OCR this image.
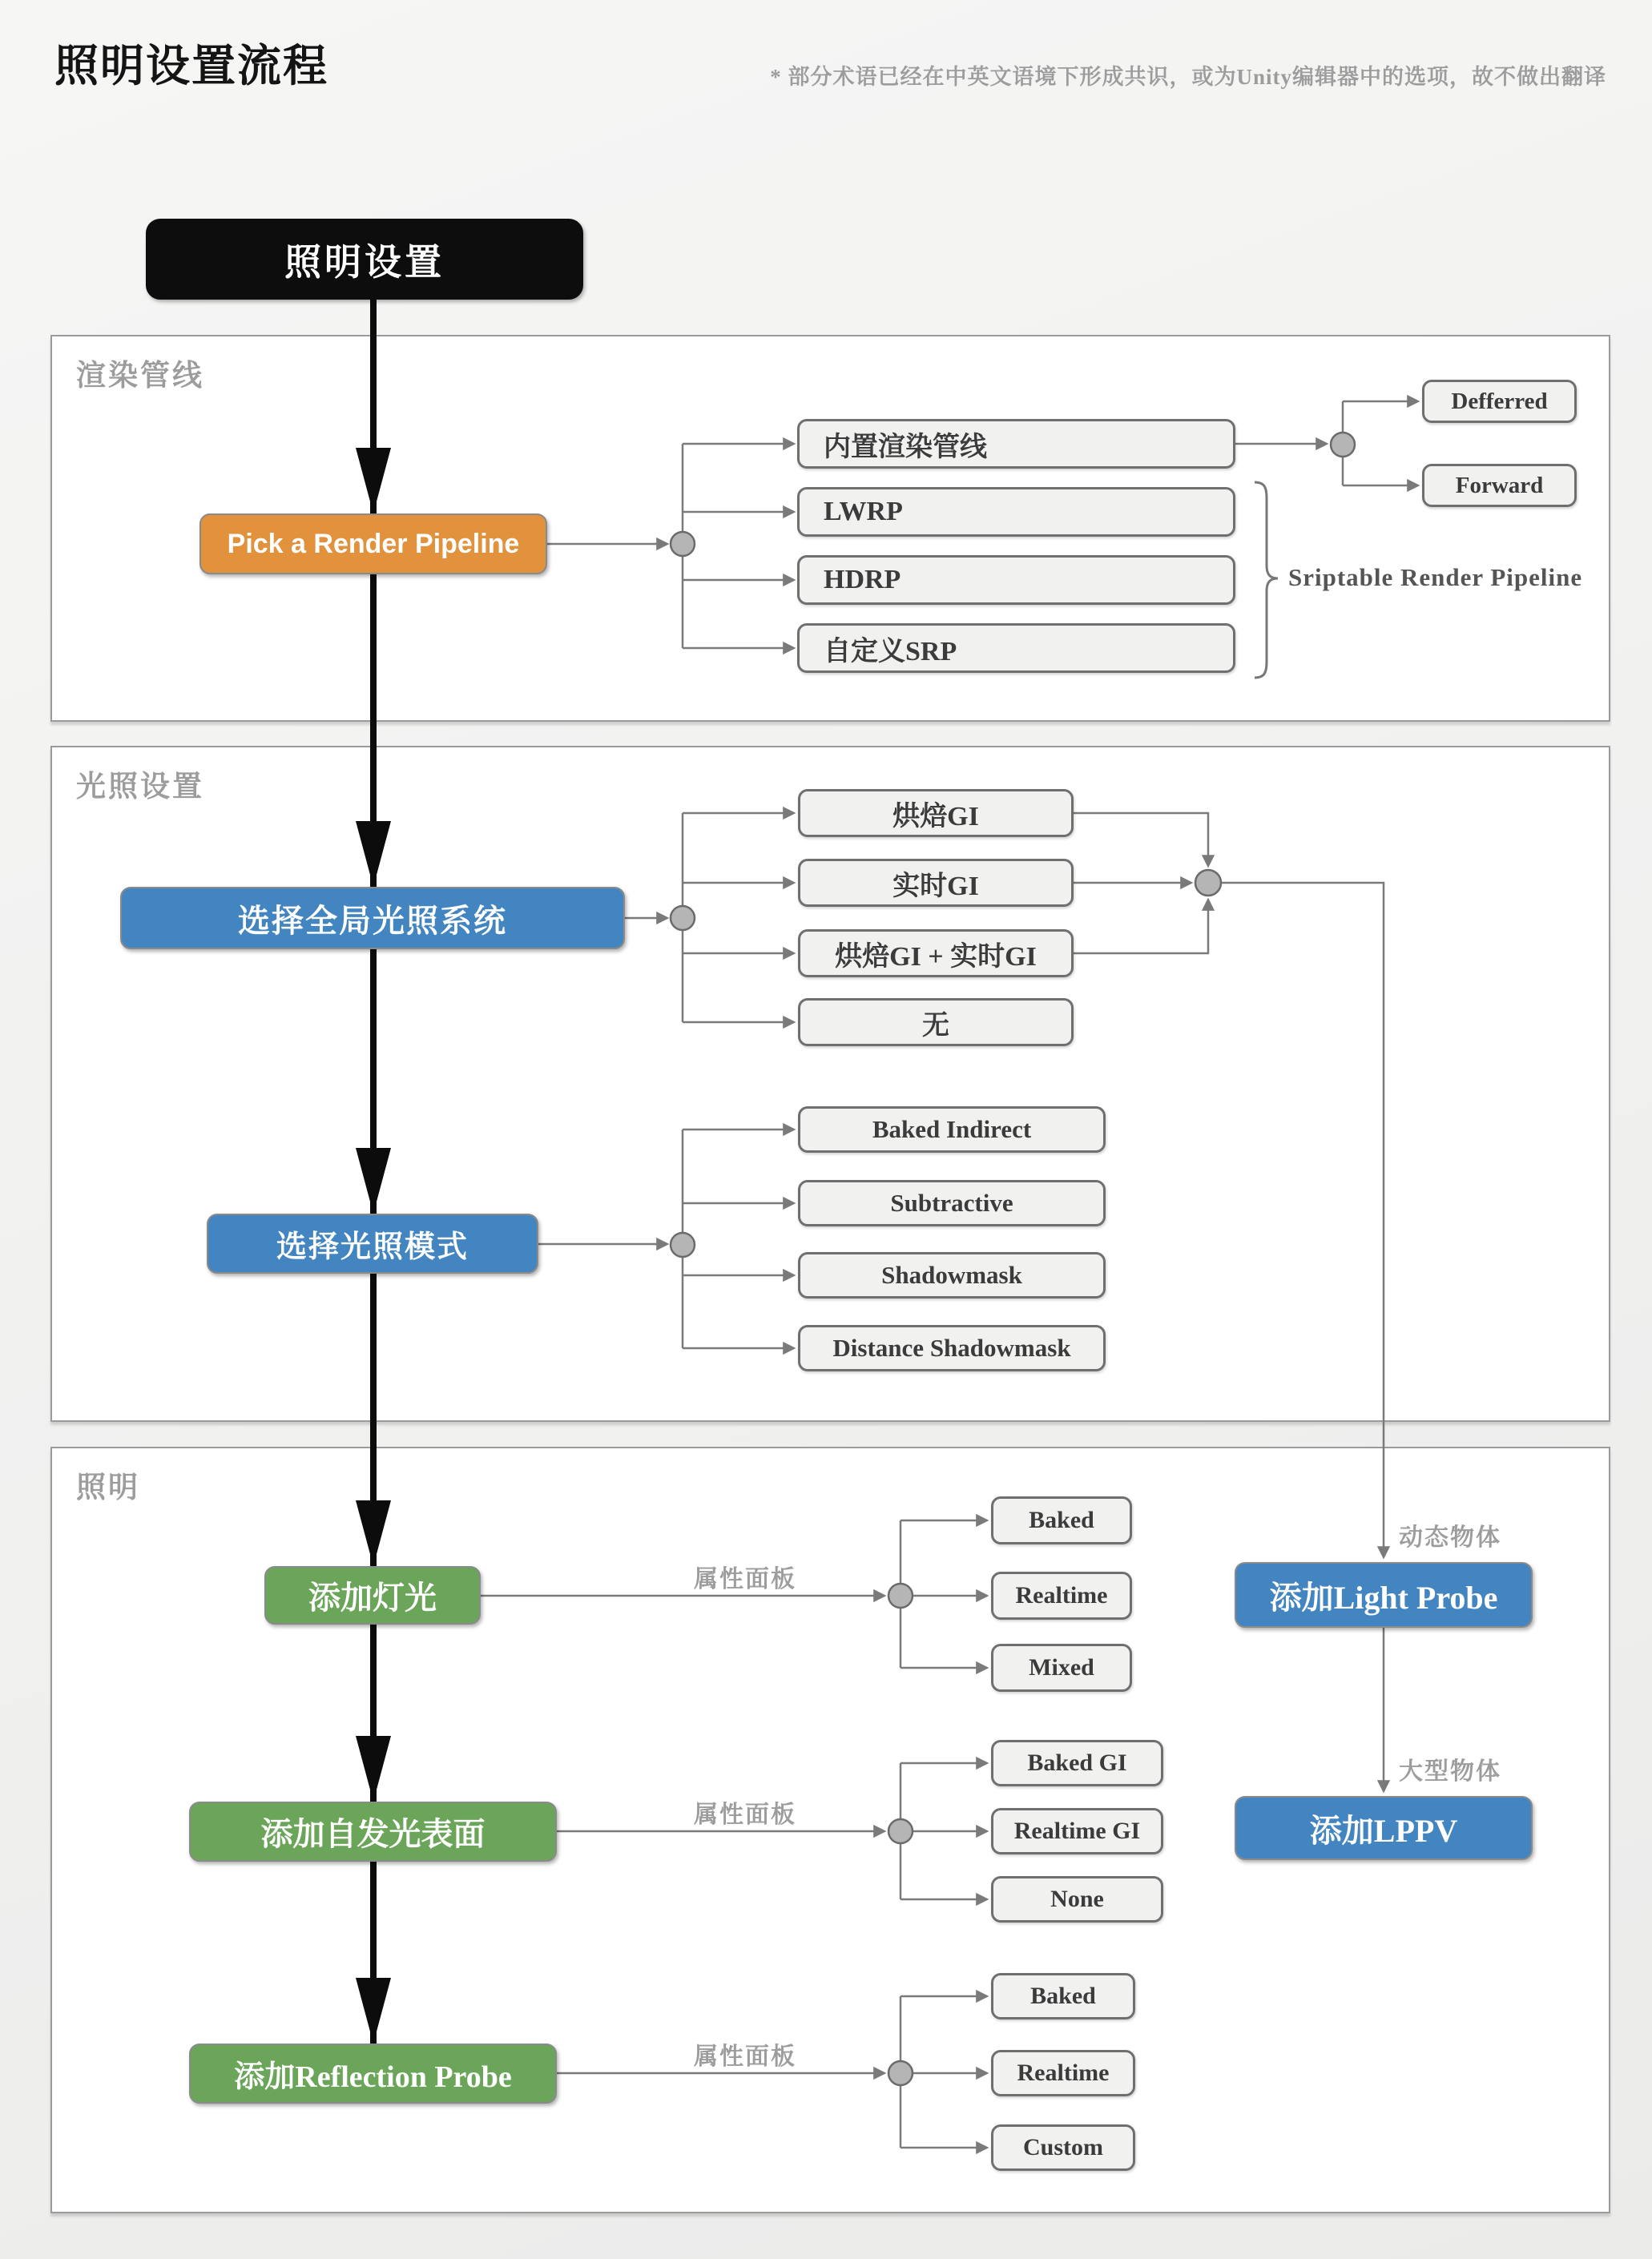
照明设置流程	* 部分术语已经在中英文语境下形成共识，或为Unity编辑器中的选项，故不做出翻译
渲染管线
光照设置
照明
照明设置
Pick a Render Pipeline
内置渲染管线
LWRP
HDRP
自定义SRP
Defferred
Forward
Sriptable Render Pipeline
选择全局光照系统
烘焙GI
实时GI
烘焙GI + 实时GI
无
选择光照模式
Baked Indirect
Subtractive
Shadowmask
Distance Shadowmask
添加灯光
属性面板
Baked
Realtime
Mixed
动态物体
添加Light Probe
大型物体
添加LPPV
添加自发光表面
属性面板
Baked GI
Realtime GI
None
添加Reflection Probe
属性面板
Baked
Realtime
Custom
